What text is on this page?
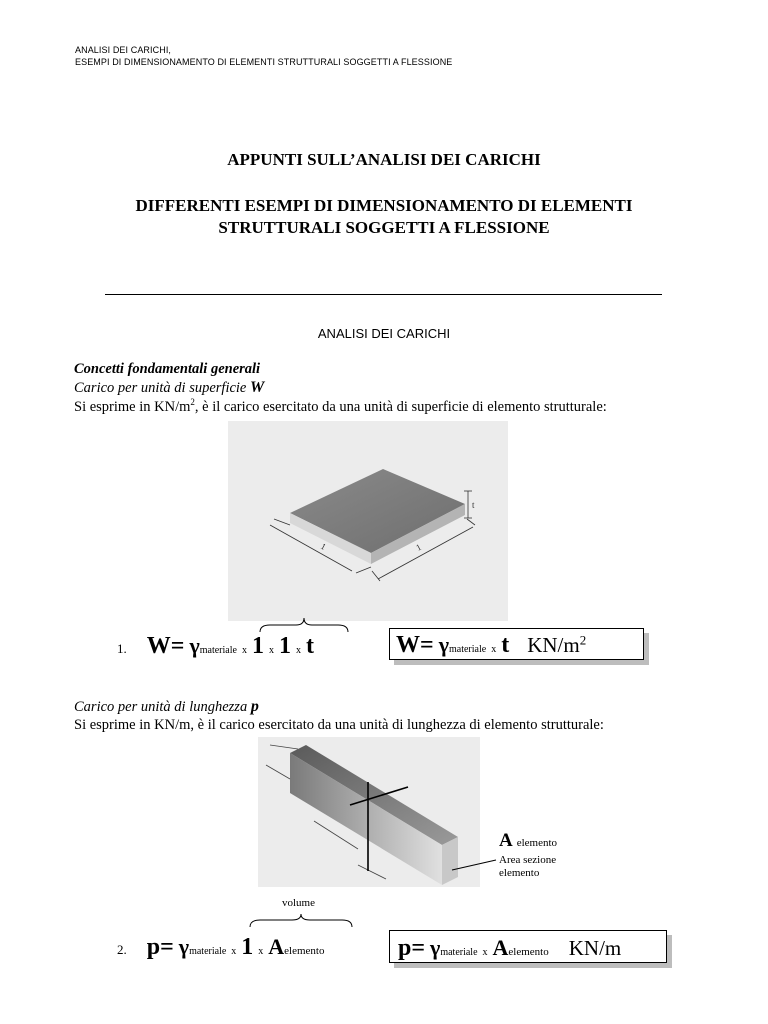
ANALISI DEI CARICHI,
ESEMPI DI DIMENSIONAMENTO DI ELEMENTI STRUTTURALI SOGGETTI A FLESSIONE
APPUNTI SULL’ANALISI DEI CARICHI
DIFFERENTI ESEMPI DI DIMENSIONAMENTO DI ELEMENTI
STRUTTURALI SOGGETTI A FLESSIONE
ANALISI DEI CARICHI
Concetti fondamentali generali
Carico per unità di superficie W
Si esprime in $KN/m^2$, è il carico esercitato da una unità di superficie di elemento strutturale:
1	1
t
1. W= γmateriale x 1 x 1 x t	W= γmateriale x t $KN/m^2$
Carico per unità di lunghezza p
Si esprime in KN/m, è il carico esercitato da una unità di lunghezza di elemento strutturale:
A elemento
Area sezione
elemento
volume
2. p= γmateriale x 1 x Aelemento	p= γmateriale x Aelemento KN/m
